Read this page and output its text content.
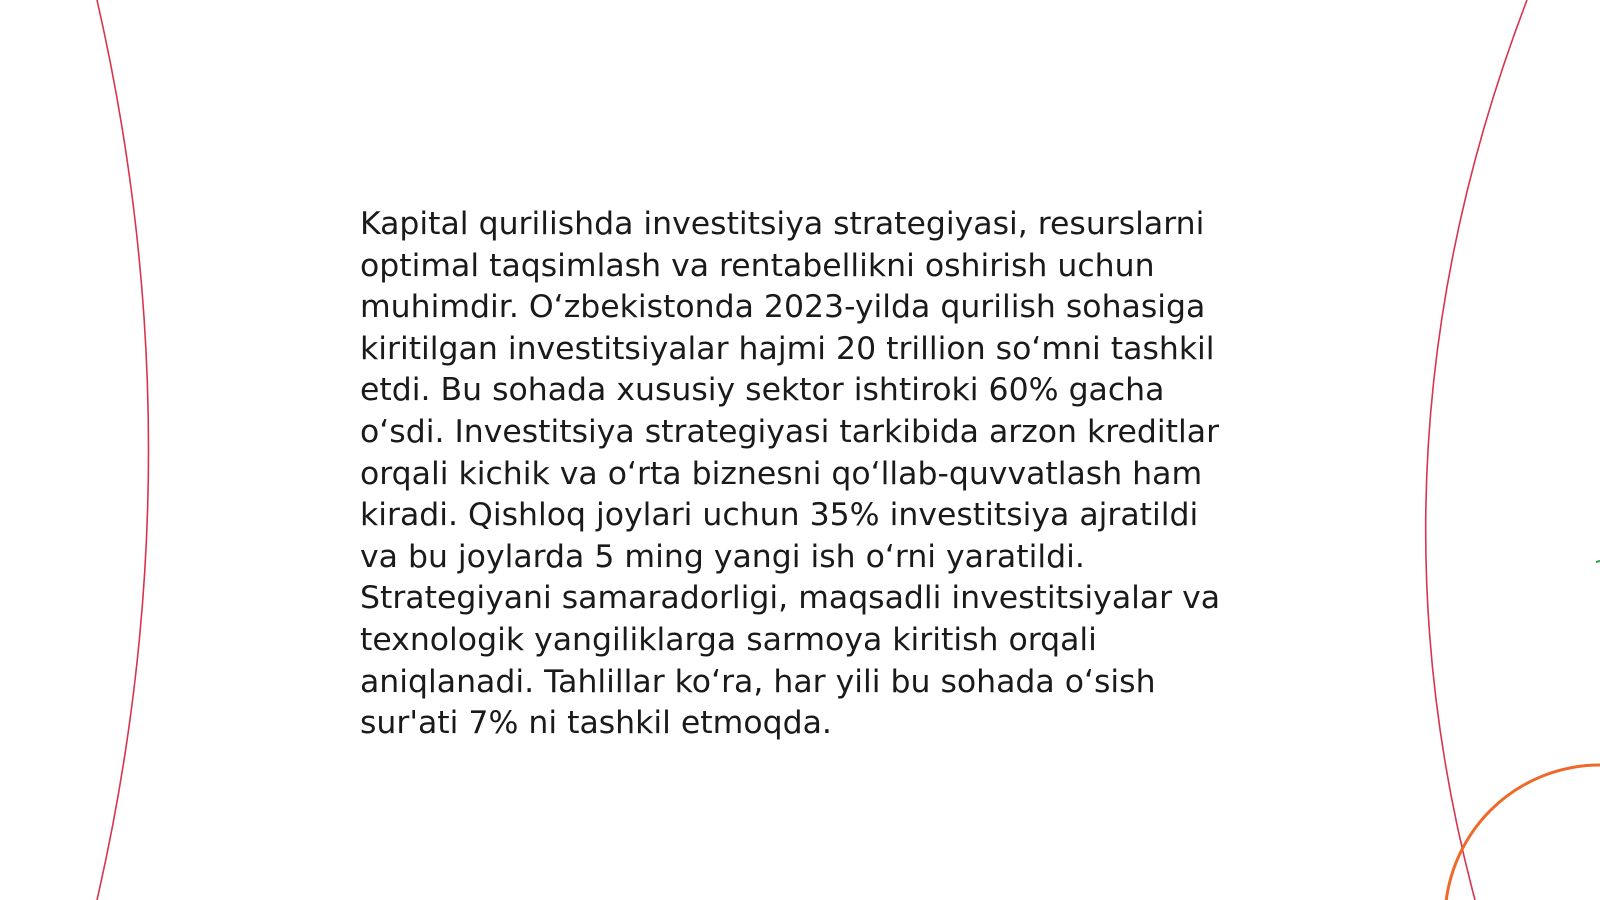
Kapital qurilishda investitsiya strategiyasi, resurslarni
optimal taqsimlash va rentabellikni oshirish uchun
muhimdir. O‘zbekistonda 2023-yilda qurilish sohasiga
kiritilgan investitsiyalar hajmi 20 trillion so‘mni tashkil
etdi. Bu sohada xususiy sektor ishtiroki 60% gacha
o‘sdi. Investitsiya strategiyasi tarkibida arzon kreditlar
orqali kichik va o‘rta biznesni qo‘llab-quvvatlash ham
kiradi. Qishloq joylari uchun 35% investitsiya ajratildi
va bu joylarda 5 ming yangi ish o‘rni yaratildi.
Strategiyani samaradorligi, maqsadli investitsiyalar va
texnologik yangiliklarga sarmoya kiritish orqali
aniqlanadi. Tahlillar ko‘ra, har yili bu sohada o‘sish
sur'ati 7% ni tashkil etmoqda.
